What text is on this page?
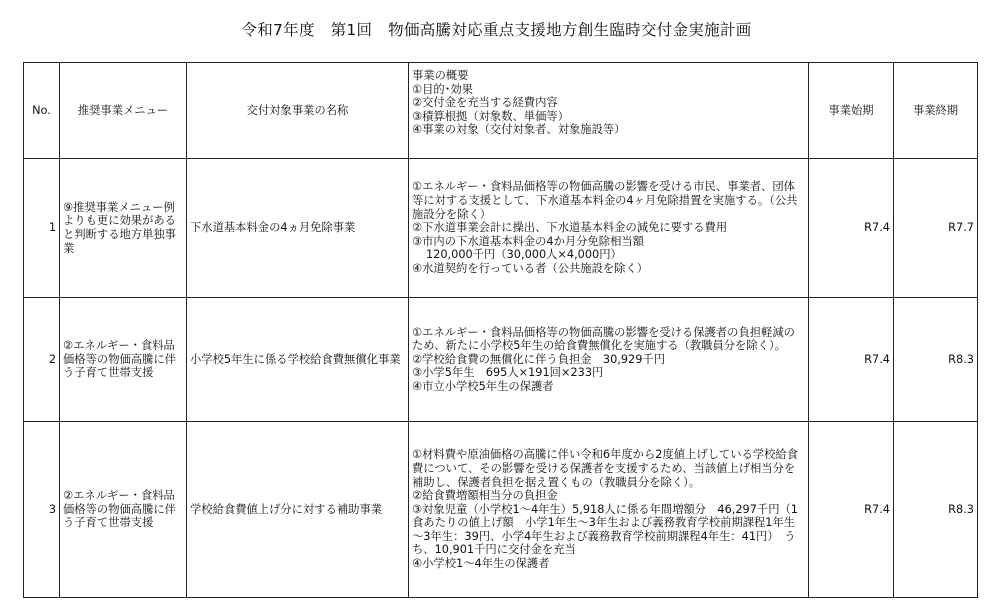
令和7年度　第1回　物価高騰対応重点支援地方創生臨時交付金実施計画
No.	推奨事業メニュー	交付対象事業の名称	事業の概要
①目的･効果
②交付金を充当する経費内容
③積算根拠（対象数、単価等）
④事業の対象（交付対象者、対象施設等）	事業始期	事業終期
1	⑨推奨事業メニュー例よりも更に効果があると判断する地方単独事業	下水道基本料金の4ヵ月免除事業	①エネルギー・食料品価格等の物価高騰の影響を受ける市民、事業者、団体等に対する支援として、下水道基本料金の4ヶ月免除措置を実施する。（公共施設分を除く）
②下水道事業会計に操出、下水道基本料金の減免に要する費用
③市内の下水道基本料金の4か月分免除相当額
120,000千円（30,000人×4,000円）
④水道契約を行っている者（公共施設を除く）	R7.4	R7.7
2	②エネルギー・食料品価格等の物価高騰に伴う子育て世帯支援	小学校5年生に係る学校給食費無償化事業	①エネルギー・食料品価格等の物価高騰の影響を受ける保護者の負担軽減のため、新たに小学校5年生の給食費無償化を実施する（教職員分を除く）。
②学校給食費の無償化に伴う負担金　30,929千円
③小学5年生　695人×191回×233円
④市立小学校5年生の保護者	R7.4	R8.3
3	②エネルギー・食料品価格等の物価高騰に伴う子育て世帯支援	学校給食費値上げ分に対する補助事業	①材料費や原油価格の高騰に伴い令和6年度から2度値上げしている学校給食費について、その影響を受ける保護者を支援するため、当該値上げ相当分を補助し、保護者負担を据え置くもの（教職員分を除く）。
②給食費増額相当分の負担金
③対象児童（小学校1～4年生）5,918人に係る年間増額分　46,297千円（1食あたりの値上げ額　小学1年生～3年生および義務教育学校前期課程1年生～3年生：39円、小学4年生および義務教育学校前期課程4年生：41円）　うち、10,901千円に交付金を充当
④小学校1～4年生の保護者	R7.4	R8.3
